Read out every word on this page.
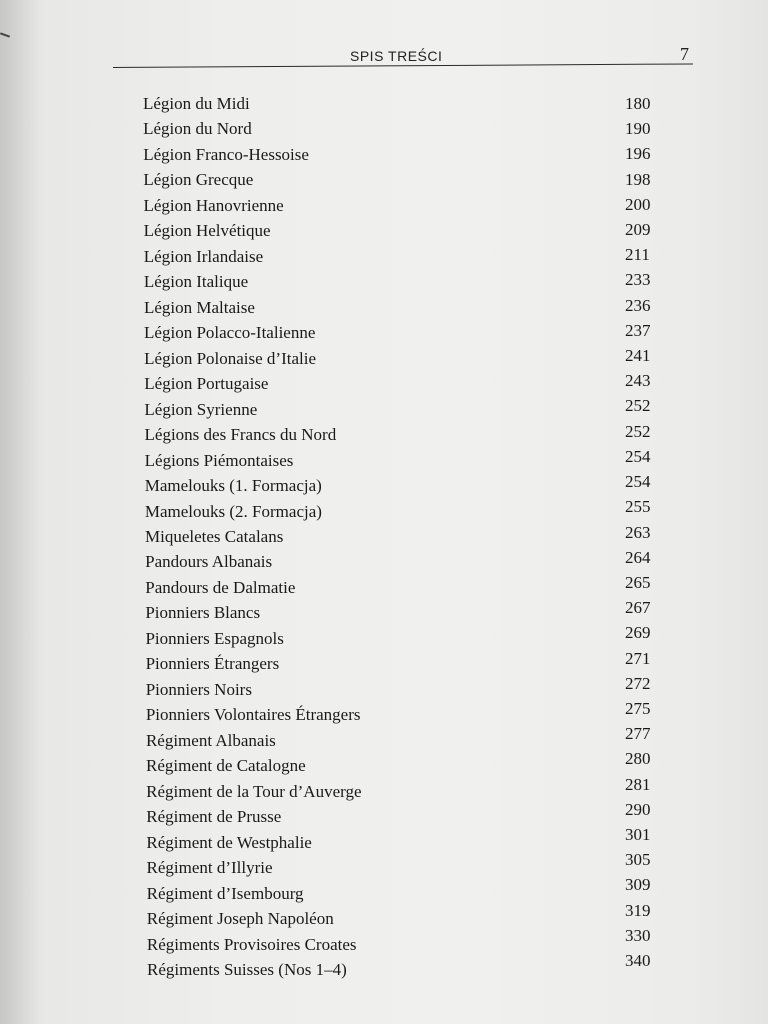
SPIS TREŚCI	7
Légion du Midi	180
Légion du Nord	190
Légion Franco-Hessoise	196
Légion Grecque	198
Légion Hanovrienne	200
Légion Helvétique	209
Légion Irlandaise	211
Légion Italique	233
Légion Maltaise	236
Légion Polacco-Italienne	237
Légion Polonaise d’Italie	241
Légion Portugaise	243
Légion Syrienne	252
Légions des Francs du Nord	252
Légions Piémontaises	254
Mamelouks (1. Formacja)	254
Mamelouks (2. Formacja)	255
Miqueletes Catalans	263
Pandours Albanais	264
Pandours de Dalmatie	265
Pionniers Blancs	267
Pionniers Espagnols	269
Pionniers Étrangers	271
Pionniers Noirs	272
Pionniers Volontaires Étrangers	275
Régiment Albanais	277
Régiment de Catalogne	280
Régiment de la Tour d’Auverge	281
Régiment de Prusse	290
Régiment de Westphalie	301
Régiment d’Illyrie	305
Régiment d’Isembourg	309
Régiment Joseph Napoléon	319
Régiments Provisoires Croates	330
Régiments Suisses (Nos 1–4)	340
